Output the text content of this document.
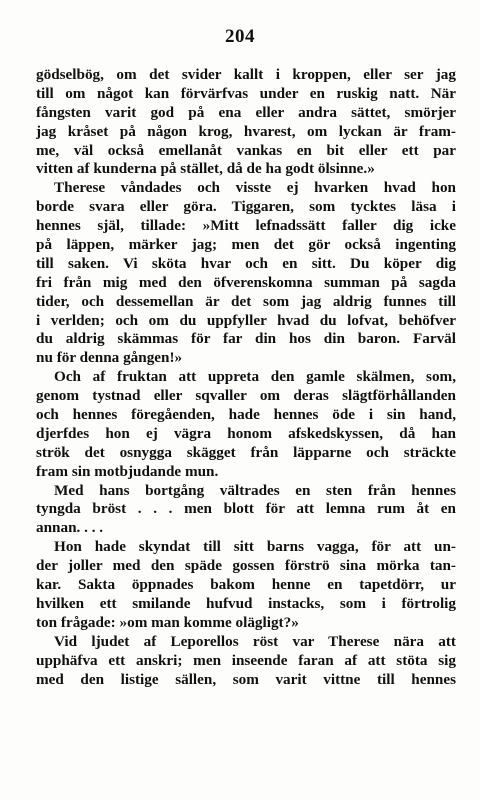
204
gödselbög, om det svider kallt i kroppen, eller ser jag
till om något kan förvärfvas under en ruskig natt. När
fångsten varit god på ena eller andra sättet, smörjer
jag kråset på någon krog, hvarest, om lyckan är fram-
me, väl också emellanåt vankas en bit eller ett par
vitten af kunderna på stället, då de ha godt ölsinne.»
Therese våndades och visste ej hvarken hvad hon
borde svara eller göra. Tiggaren, som tycktes läsa i
hennes själ, tillade: »Mitt lefnadssätt faller dig icke
på läppen, märker jag; men det gör också ingenting
till saken. Vi sköta hvar och en sitt. Du köper dig
fri från mig med den öfverenskomna summan på sagda
tider, och dessemellan är det som jag aldrig funnes till
i verlden; och om du uppfyller hvad du lofvat, behöfver
du aldrig skämmas för far din hos din baron. Farväl
nu för denna gången!»
Och af fruktan att uppreta den gamle skälmen, som,
genom tystnad eller sqvaller om deras slägtförhållanden
och hennes föregåenden, hade hennes öde i sin hand,
djerfdes hon ej vägra honom afskedskyssen, då han
strök det osnygga skägget från läpparne och sträckte
fram sin motbjudande mun.
Med hans bortgång vältrades en sten från hennes
tyngda bröst . . . men blott för att lemna rum åt en
annan. . . .
Hon hade skyndat till sitt barns vagga, för att un-
der joller med den späde gossen förströ sina mörka tan-
kar. Sakta öppnades bakom henne en tapetdörr, ur
hvilken ett smilande hufvud instacks, som i förtrolig
ton frågade: »om man komme olägligt?»
Vid ljudet af Leporellos röst var Therese nära att
upphäfva ett anskri; men inseende faran af att stöta sig
med den listige sällen, som varit vittne till hennes
